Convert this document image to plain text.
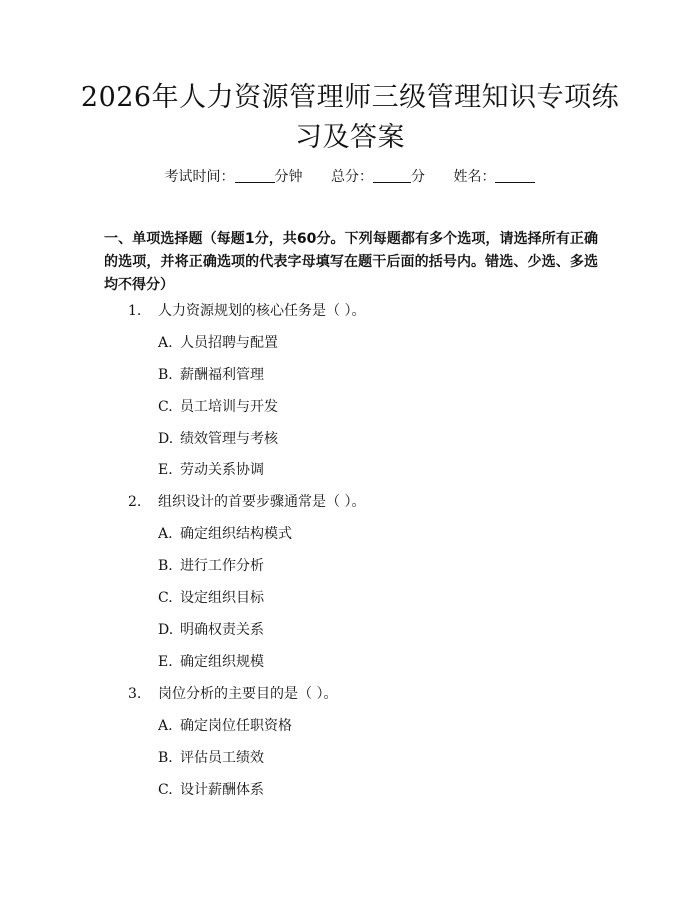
2026年人力资源管理师三级管理知识专项练习及答案
考试时间：	分钟 总分：	分 姓名：
一、单项选择题（每题1分，共60分。下列每题都有多个选项，请选择所有正确的选项，并将正确选项的代表字母填写在题干后面的括号内。错选、少选、多选均不得分）
1. 人力资源规划的核心任务是（ ）。
A. 人员招聘与配置
B. 薪酬福利管理
C. 员工培训与开发
D. 绩效管理与考核
E. 劳动关系协调
2. 组织设计的首要步骤通常是（ ）。
A. 确定组织结构模式
B. 进行工作分析
C. 设定组织目标
D. 明确权责关系
E. 确定组织规模
3. 岗位分析的主要目的是（ ）。
A. 确定岗位任职资格
B. 评估员工绩效
C. 设计薪酬体系
